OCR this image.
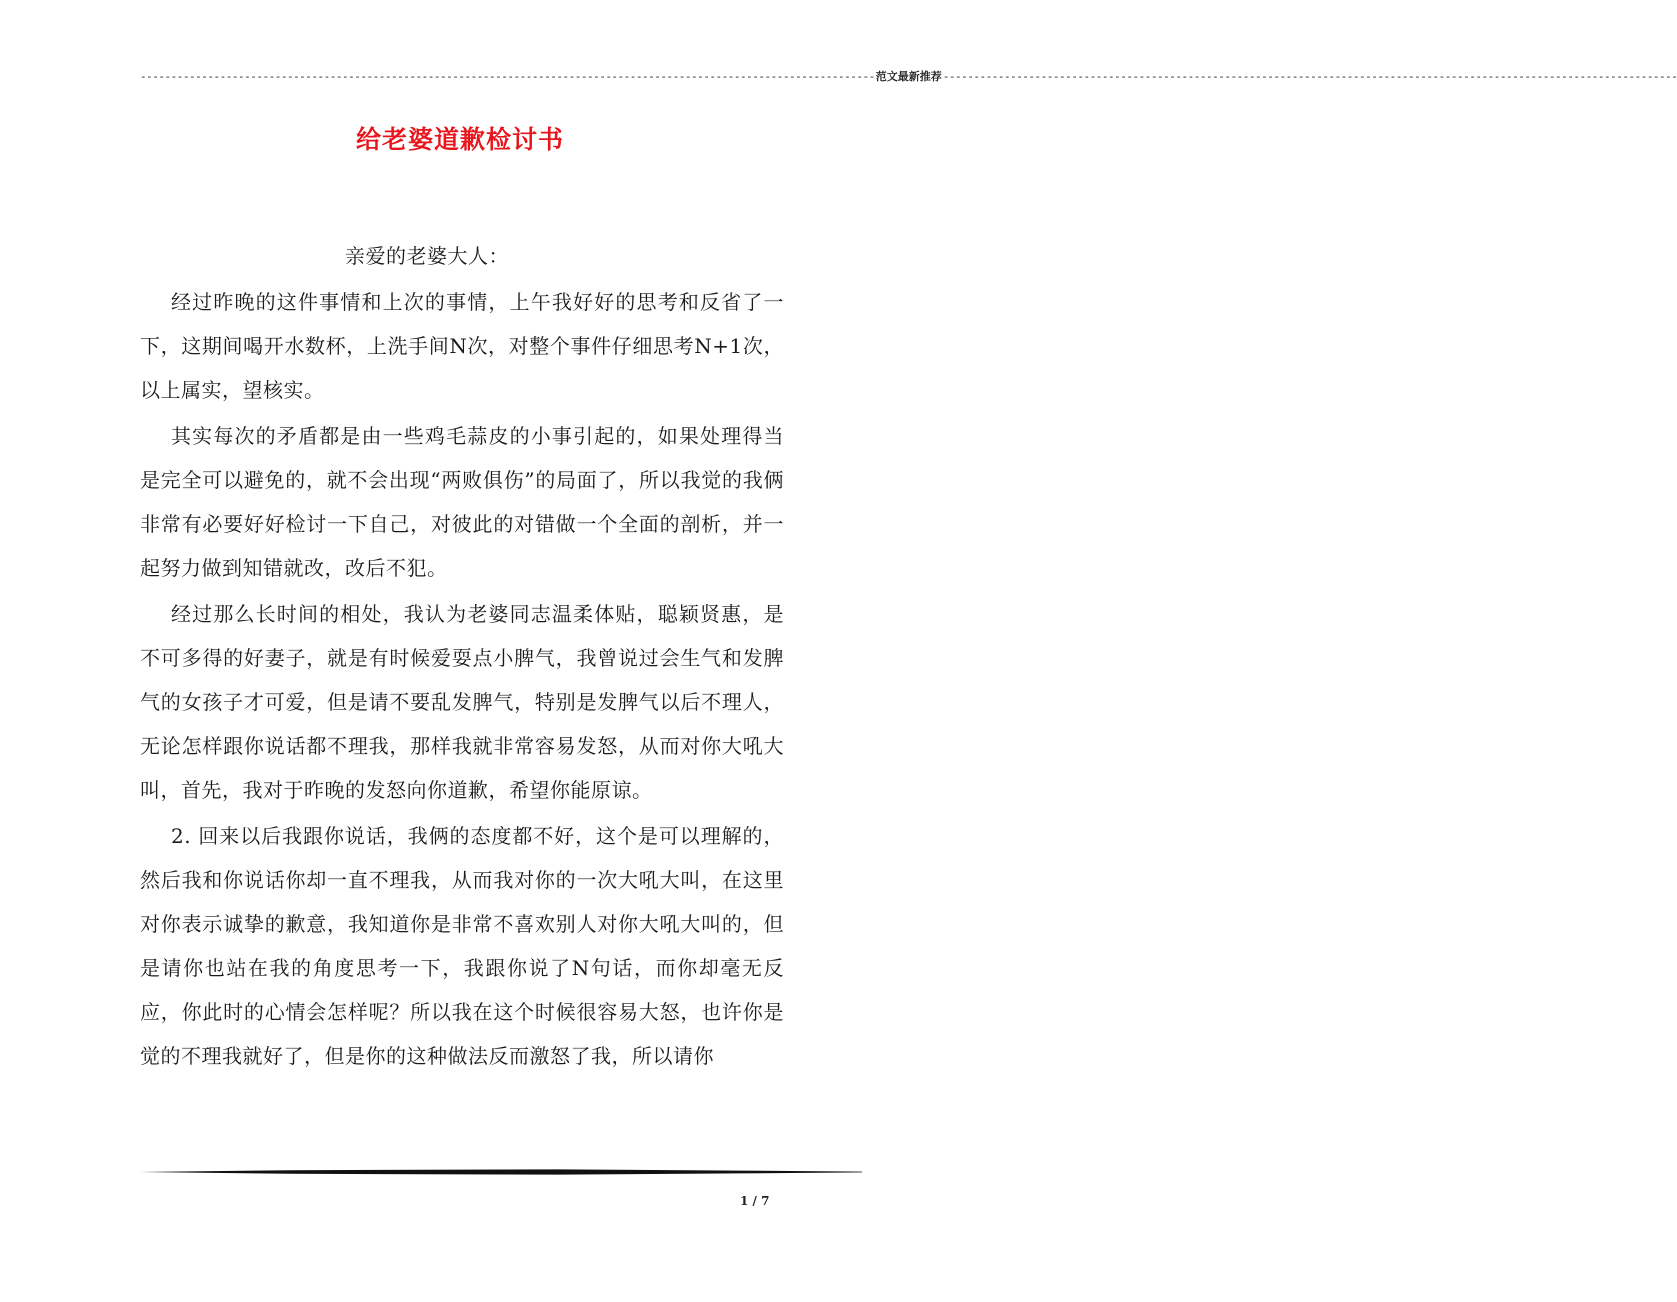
------------------------------------------------------------------------------------------------------------------------ 范文最新推荐 ------------------------------------------------------------------------------------------------------------------------
给老婆道歉检讨书

亲爱的老婆大人：

经过昨晚的这件事情和上次的事情，上午我好好的思考和反省了一下，这期间喝开水数杯，上洗手间N次，对整个事件仔细思考N+1次，以上属实，望核实。

其实每次的矛盾都是由一些鸡毛蒜皮的小事引起的，如果处理得当是完全可以避免的，就不会出现“两败俱伤”的局面了，所以我觉的我俩非常有必要好好检讨一下自己，对彼此的对错做一个全面的剖析，并一起努力做到知错就改，改后不犯。

经过那么长时间的相处，我认为老婆同志温柔体贴，聪颖贤惠，是不可多得的好妻子，就是有时候爱耍点小脾气，我曾说过会生气和发脾气的女孩子才可爱，但是请不要乱发脾气，特别是发脾气以后不理人，无论怎样跟你说话都不理我，那样我就非常容易发怒，从而对你大吼大叫，首先，我对于昨晚的发怒向你道歉，希望你能原谅。

2. 回来以后我跟你说话，我俩的态度都不好，这个是可以理解的，然后我和你说话你却一直不理我，从而我对你的一次大吼大叫，在这里对你表示诚挚的歉意，我知道你是非常不喜欢别人对你大吼大叫的，但是请你也站在我的角度思考一下，我跟你说了N句话，而你却毫无反应，你此时的心情会怎样呢？所以我在这个时候很容易大怒，也许你是觉的不理我就好了，但是你的这种做法反而激怒了我，所以请你

1 / 7
